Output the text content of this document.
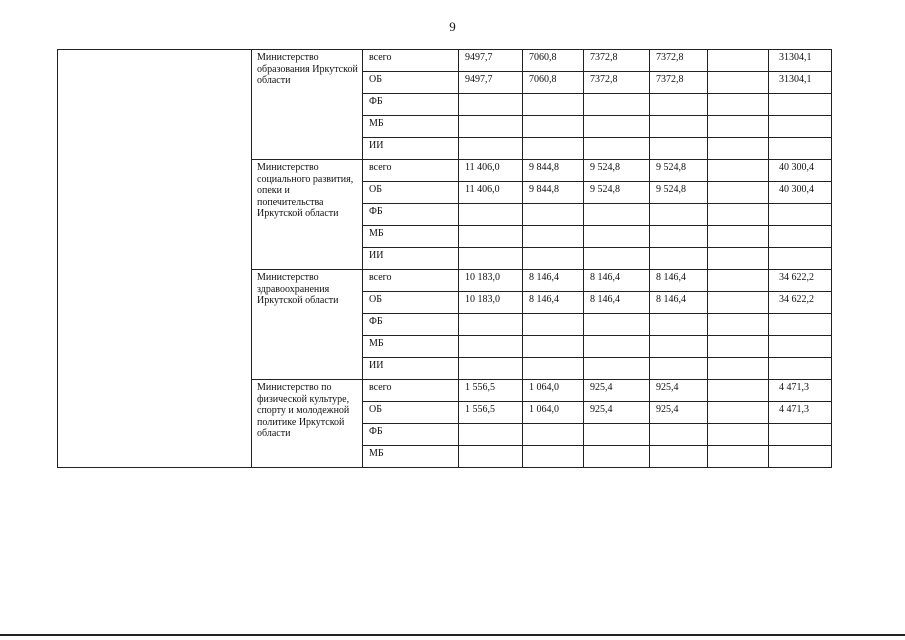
9
	Министерство образования Иркутской области	всего	9497,7	7060,8	7372,8	7372,8		31304,1
		ОБ	9497,7	7060,8	7372,8	7372,8		31304,1
		ФБ						
		МБ						
		ИИ						
	Министерство социального развития, опеки и попечительства Иркутской области	всего	11 406,0	9 844,8	9 524,8	9 524,8		40 300,4
		ОБ	11 406,0	9 844,8	9 524,8	9 524,8		40 300,4
		ФБ						
		МБ						
		ИИ						
	Министерство здравоохранения Иркутской области	всего	10 183,0	8 146,4	8 146,4	8 146,4		34 622,2
		ОБ	10 183,0	8 146,4	8 146,4	8 146,4		34 622,2
		ФБ						
		МБ						
		ИИ						
	Министерство по физической культуре, спорту и молодежной политике Иркутской области	всего	1 556,5	1 064,0	925,4	925,4		4 471,3
		ОБ	1 556,5	1 064,0	925,4	925,4		4 471,3
		ФБ						
		МБ						
